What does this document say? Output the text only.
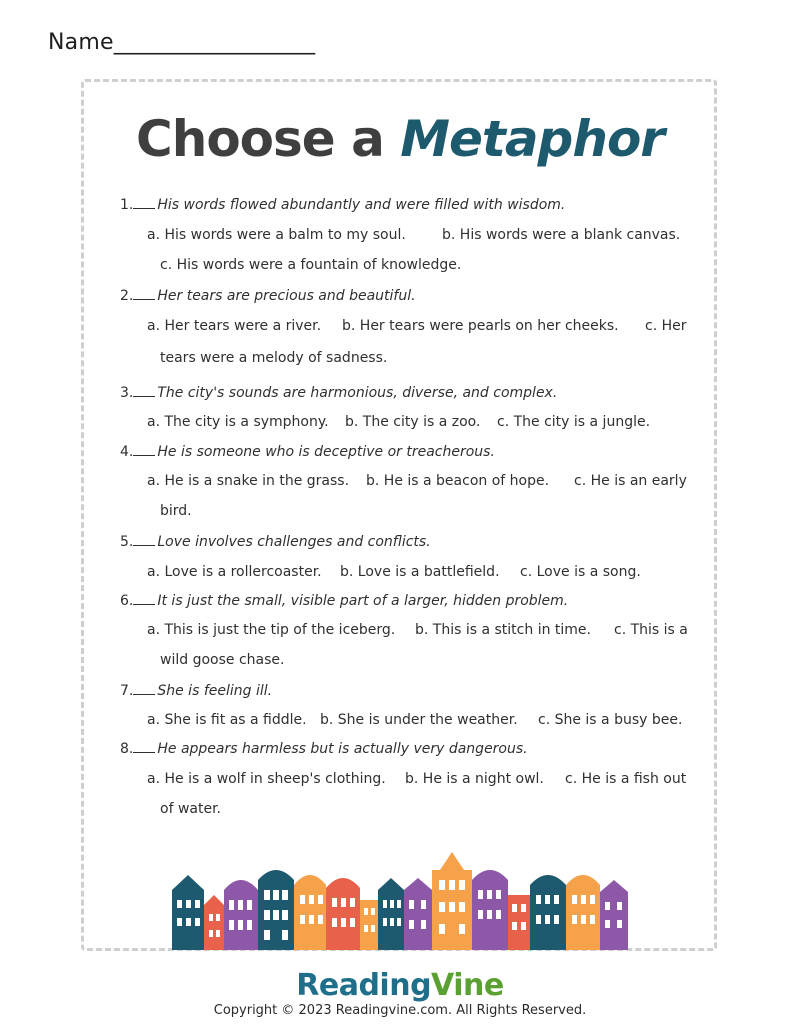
Name__________________
Choose a Metaphor
1. His words flowed abundantly and were filled with wisdom.
a. His words were a balm to my soul.	b. His words were a blank canvas.
c. His words were a fountain of knowledge.
2. Her tears are precious and beautiful.
a. Her tears were a river. b. Her tears were pearls on her cheeks. c. Her
tears were a melody of sadness.
3. The city's sounds are harmonious, diverse, and complex.
a. The city is a symphony. b. The city is a zoo. c. The city is a jungle.
4. He is someone who is deceptive or treacherous.
a. He is a snake in the grass. b. He is a beacon of hope. c. He is an early
bird.
5. Love involves challenges and conflicts.
a. Love is a rollercoaster. b. Love is a battlefield. c. Love is a song.
6. It is just the small, visible part of a larger, hidden problem.
a. This is just the tip of the iceberg. b. This is a stitch in time. c. This is a
wild goose chase.
7. She is feeling ill.
a. She is fit as a fiddle. b. She is under the weather. c. She is a busy bee.
8. He appears harmless but is actually very dangerous.
a. He is a wolf in sheep's clothing. b. He is a night owl. c. He is a fish out
of water.
ReadingVine
Copyright © 2023 Readingvine.com. All Rights Reserved.
